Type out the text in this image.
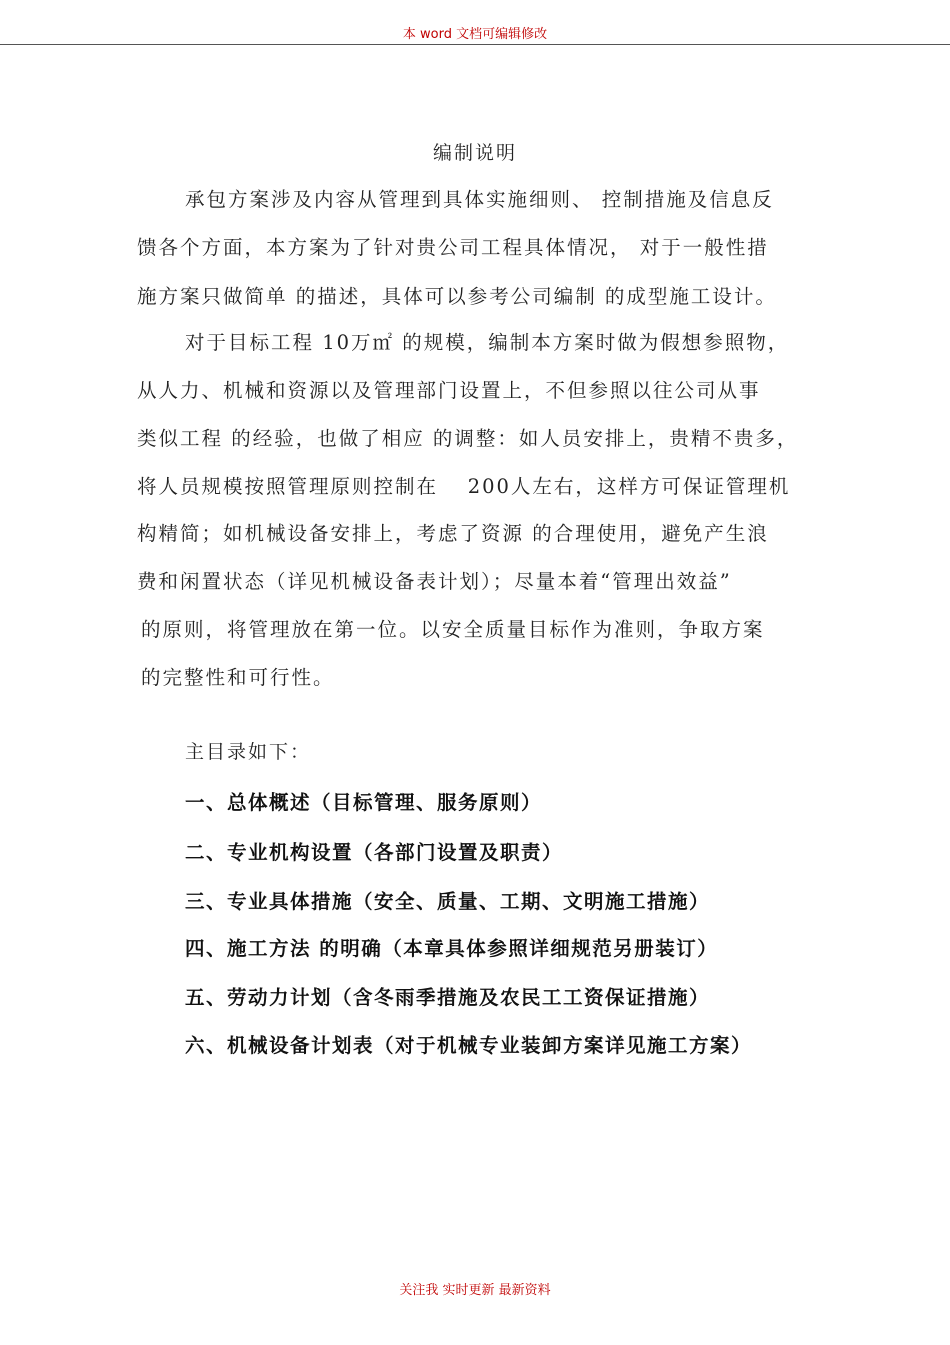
本 word 文档可编辑修改
编制说明
承包方案涉及内容从管理到具体实施细则、 控制措施及信息反
馈各个方面，本方案为了针对贵公司工程具体情况， 对于一般性措
施方案只做简单 的描述，具体可以参考公司编制 的成型施工设计。
对于目标工程 10万㎡ 的规模，编制本方案时做为假想参照物，
从人力、机械和资源以及管理部门设置上，不但参照以往公司从事
类似工程 的经验，也做了相应 的调整：如人员安排上，贵精不贵多，
将人员规模按照管理原则控制在　 200人左右，这样方可保证管理机
构精简；如机械设备安排上，考虑了资源 的合理使用，避免产生浪
费和闲置状态（详见机械设备表计划）；尽量本着“管理出效益”
的原则，将管理放在第一位。以安全质量目标作为准则，争取方案
的完整性和可行性。
主目录如下：
一、总体概述（目标管理、服务原则）
二、专业机构设置（各部门设置及职责）
三、专业具体措施（安全、质量、工期、文明施工措施）
四、施工方法 的明确（本章具体参照详细规范另册装订）
五、劳动力计划（含冬雨季措施及农民工工资保证措施）
六、机械设备计划表（对于机械专业装卸方案详见施工方案）
关注我 实时更新 最新资料
